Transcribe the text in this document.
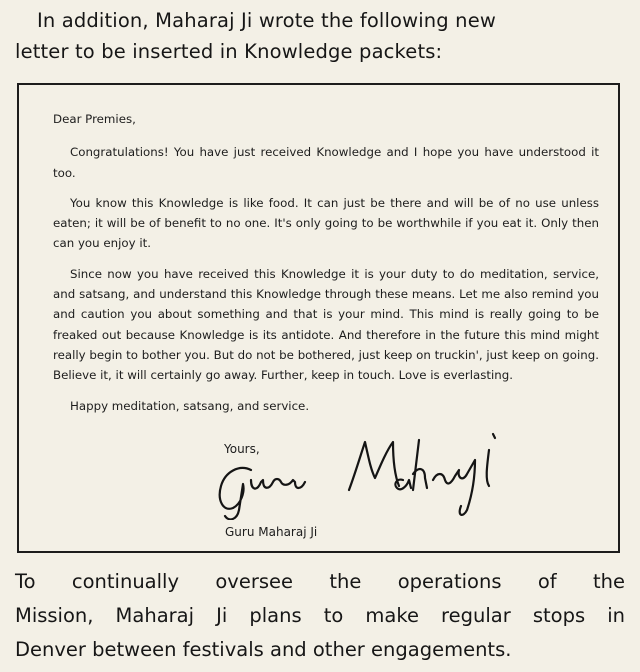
In addition, Maharaj Ji wrote the following new
letter to be inserted in Knowledge packets:
Dear Premies,

Congratulations! You have just received Knowledge and I hope you have understood it too.

You know this Knowledge is like food. It can just be there and will be of no use unless eaten; it will be of benefit to no one. It's only going to be worthwhile if you eat it. Only then can you enjoy it.

Since now you have received this Knowledge it is your duty to do meditation, service, and satsang, and understand this Knowledge through these means. Let me also remind you and caution you about something and that is your mind. This mind is really going to be freaked out because Knowledge is its antidote. And therefore in the future this mind might really begin to bother you. But do not be bothered, just keep on truckin', just keep on going. Believe it, it will certainly go away. Further, keep in touch. Love is everlasting.

Happy meditation, satsang, and service.

Yours,
Guru Maharaj Ji
To continually oversee the operations of the
Mission, Maharaj Ji plans to make regular stops in
Denver between festivals and other engagements.
